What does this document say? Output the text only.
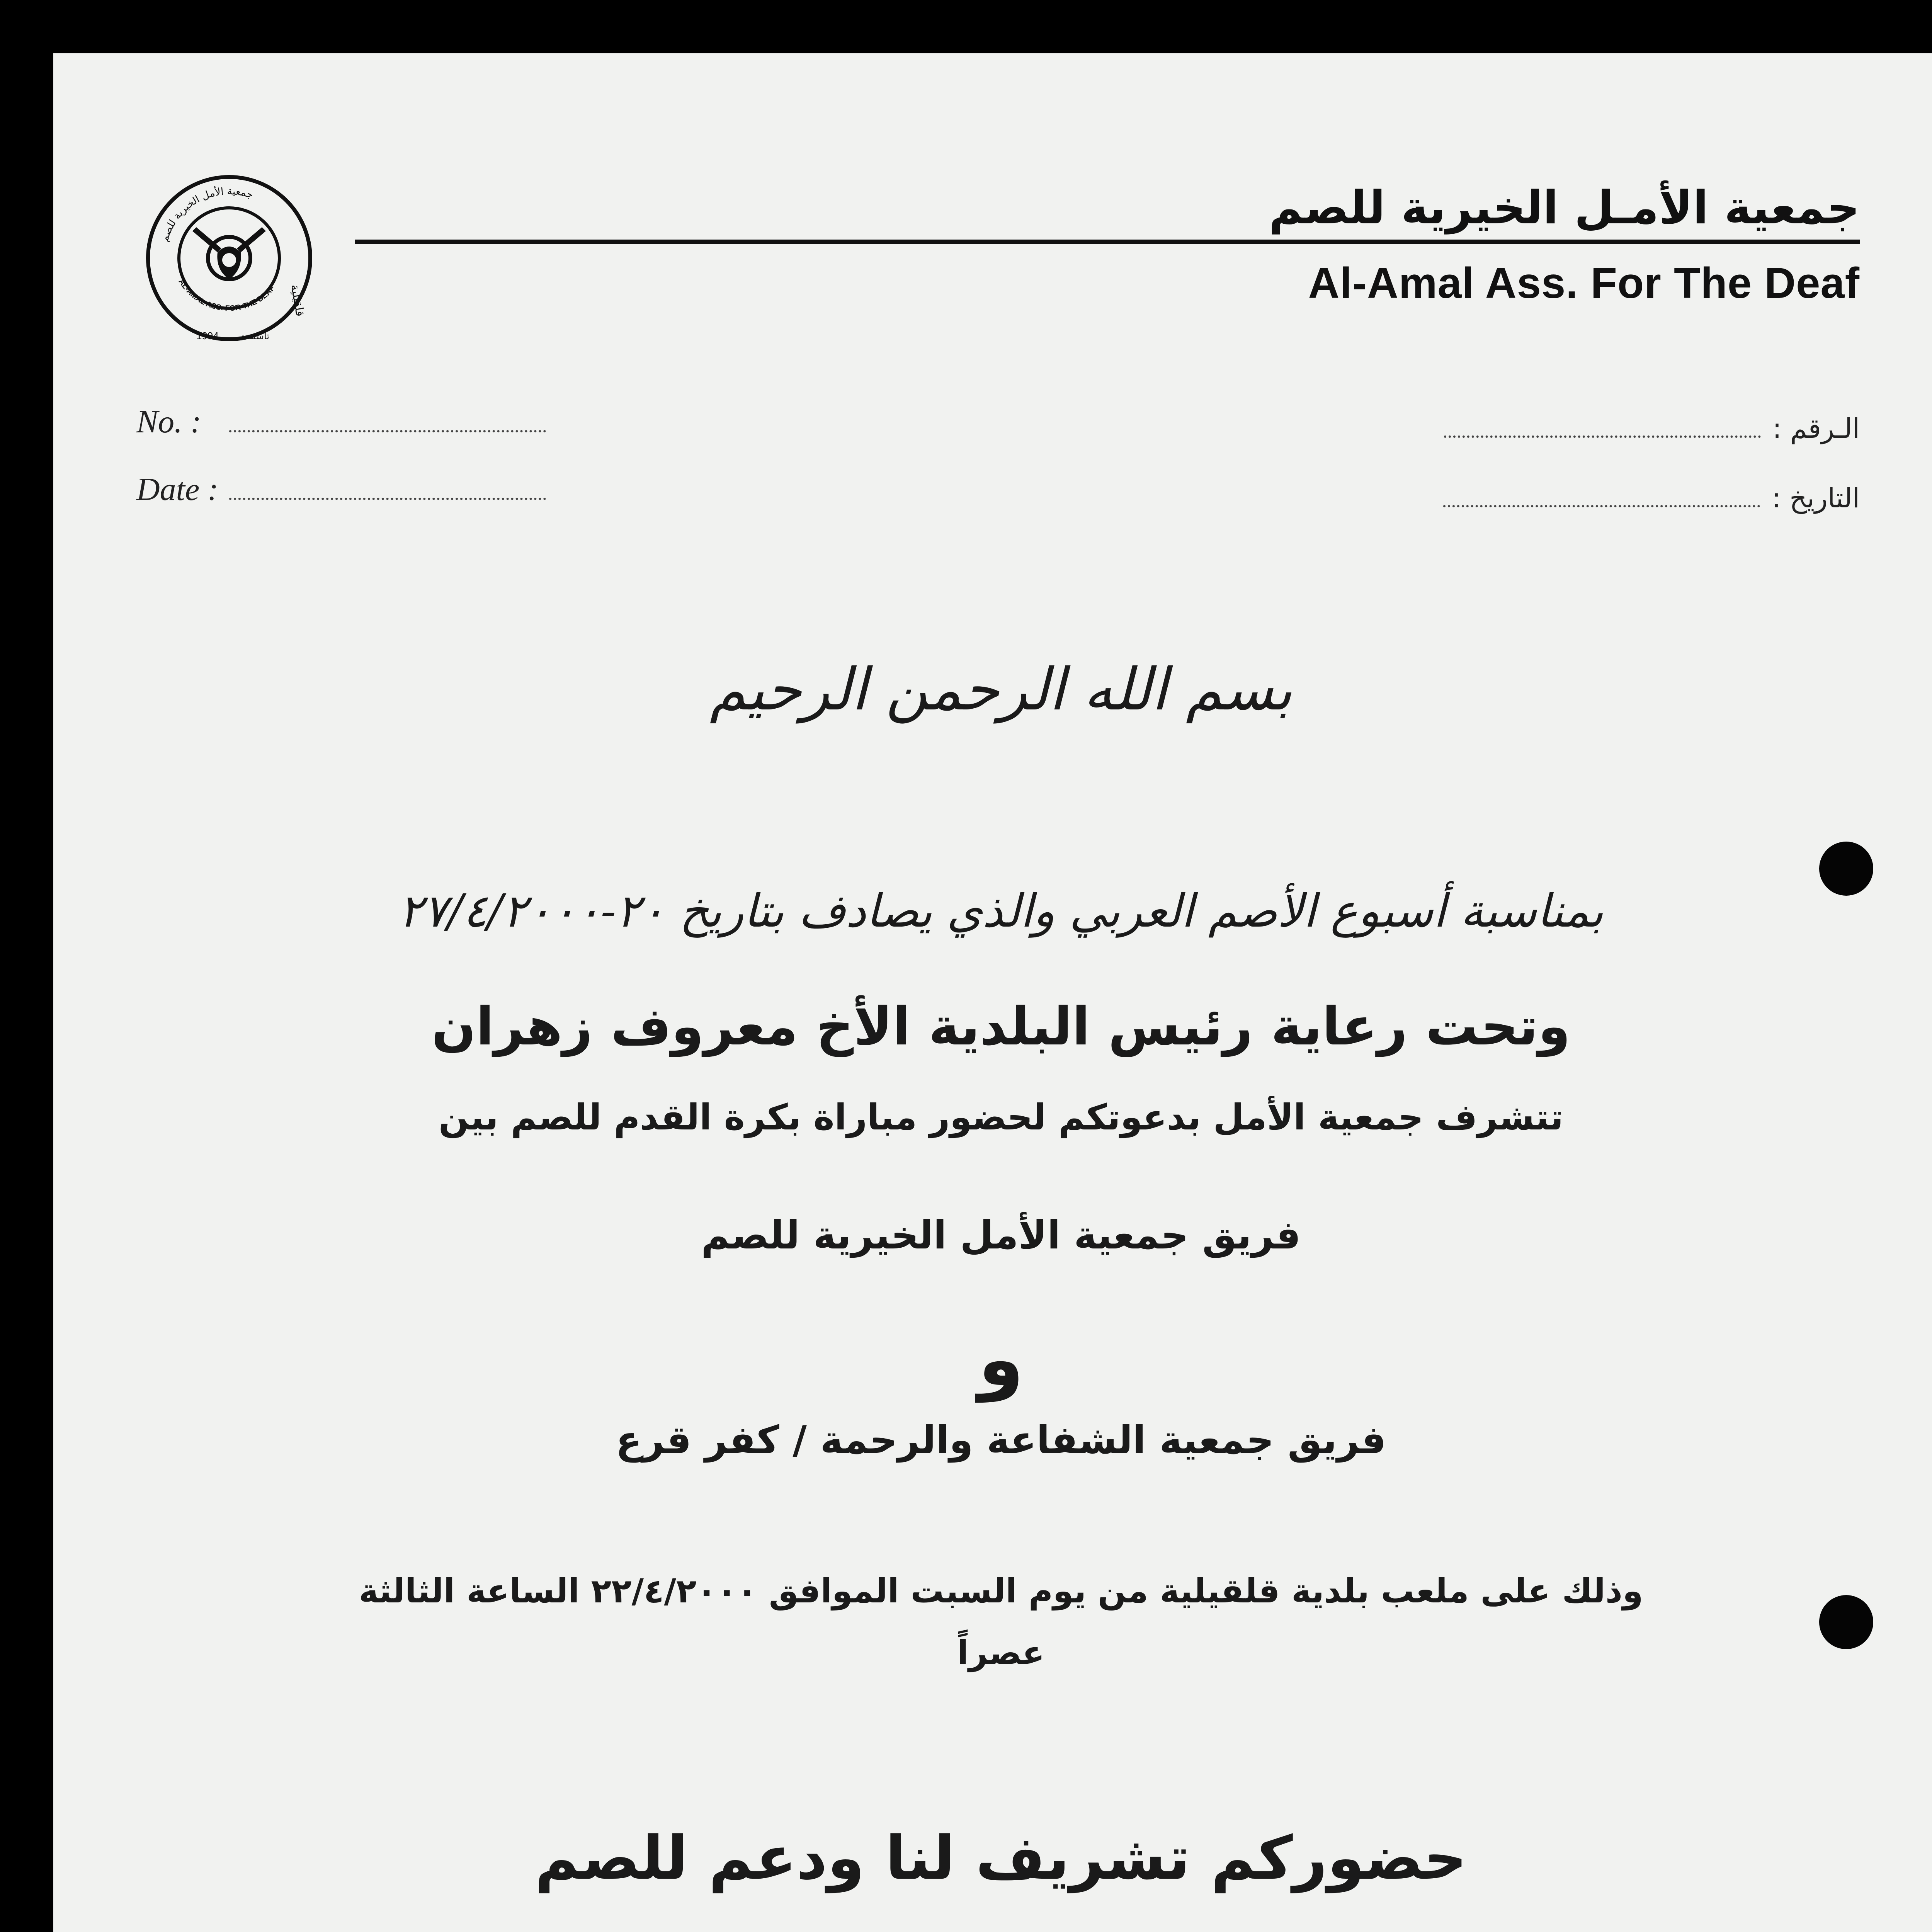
جمعية الأمل الخيرية للصم
AL-AMAL ASS. FOR THE DEAF قلقيلية
1994 تأسست
جمعية الأمـل الخيرية للصم
Al-Amal Ass. For The Deaf
No. :
Date :
الـرقم :
التاريخ :
بسم الله الرحمن الرحيم
بمناسبة أسبوع الأصم العربي والذي يصادف بتاريخ ٢٠-٢٧/٤/٢٠٠٠
وتحت رعاية رئيس البلدية الأخ معروف زهران
تتشرف جمعية الأمل بدعوتكم لحضور مباراة بكرة القدم للصم بين
فريق جمعية الأمل الخيرية للصم
و
فريق جمعية الشفاعة والرحمة / كفر قرع
وذلك على ملعب بلدية قلقيلية من يوم السبت الموافق ٢٢/٤/٢٠٠٠ الساعة الثالثة
عصراً
حضوركم تشريف لنا ودعم للصم
